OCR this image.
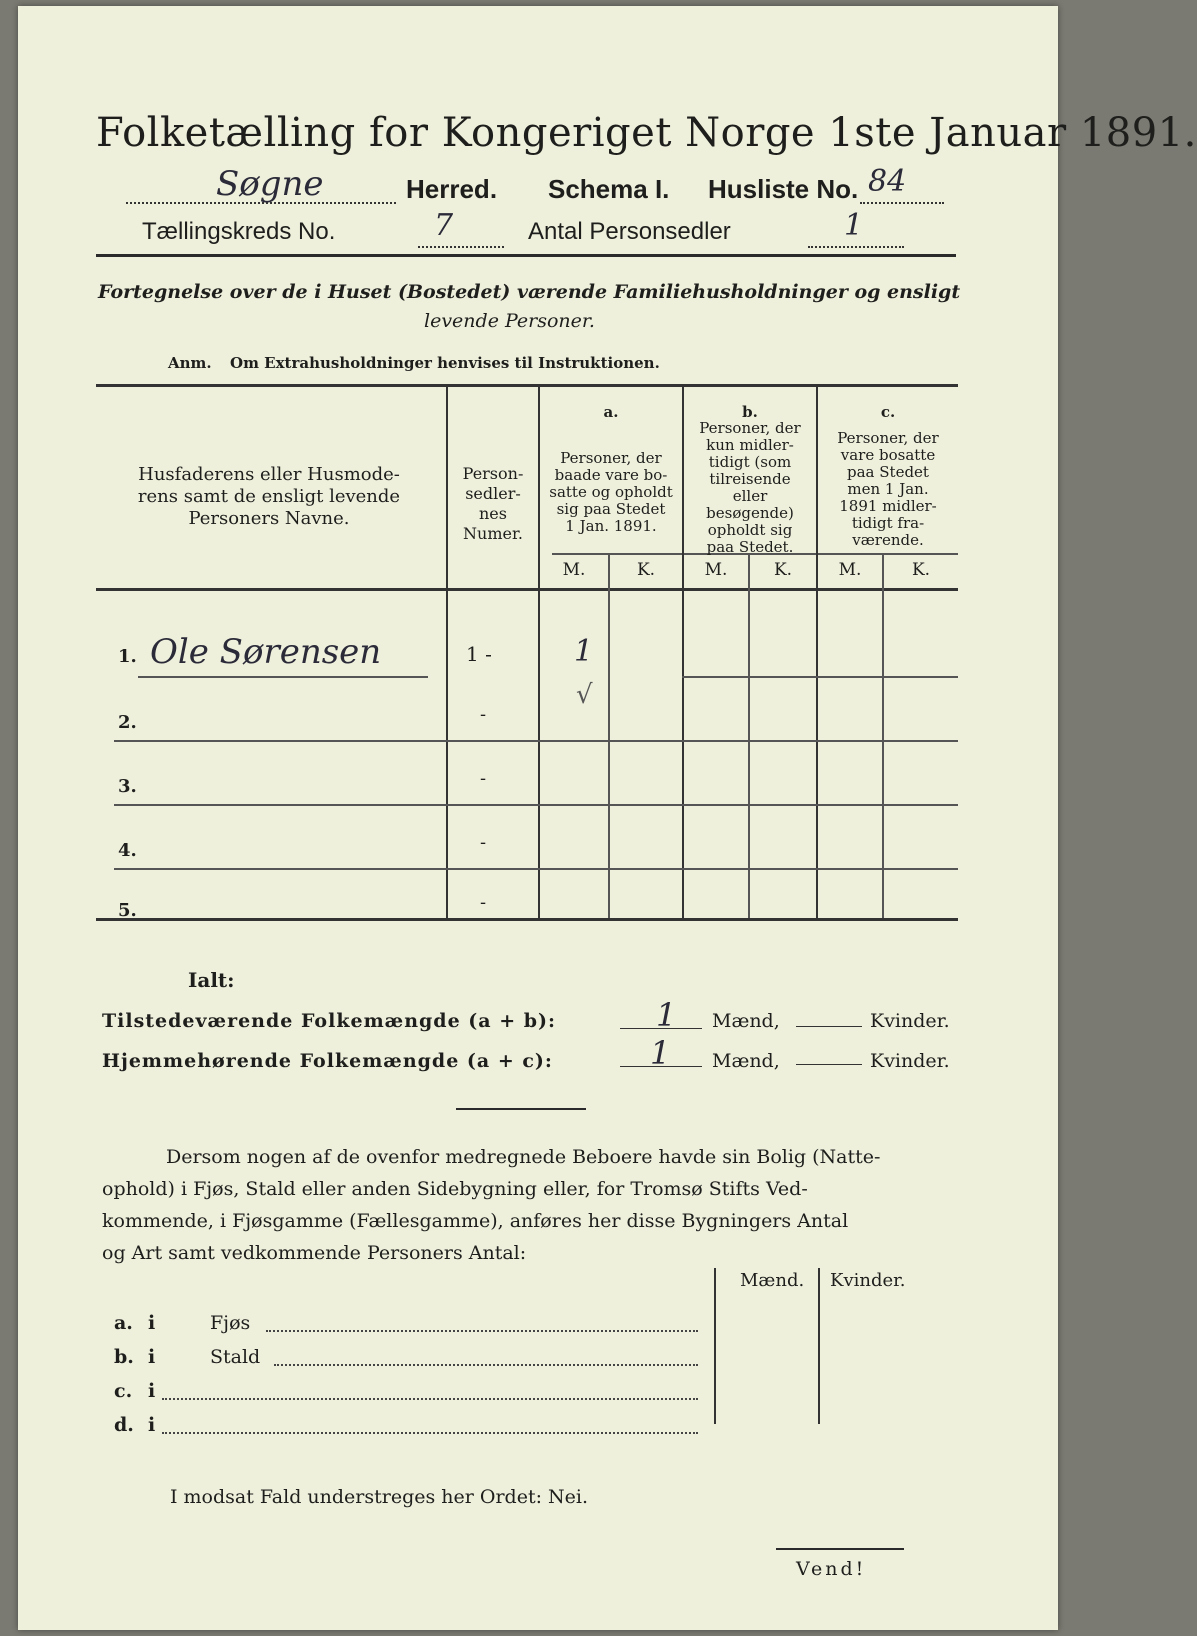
Folketælling for Kongeriget Norge 1ste Januar 1891.
Søgne	Herred. Schema I. Husliste No. 84
Tællingskreds No.	7	Antal Personsedler	1
Fortegnelse over de i Huset (Bostedet) værende Familiehusholdninger og ensligt
levende Personer.
Anm. Om Extrahusholdninger henvises til Instruktionen.
Husfaderens eller Husmode-
rens samt de ensligt levende
Personers Navne.
Person-
sedler-
nes
Numer.
a.
Personer, der
baade vare bo-
satte og opholdt
sig paa Stedet
1 Jan. 1891.
b.
Personer, der
kun midler-
tidigt (som
tilreisende
eller
besøgende)
opholdt sig
paa Stedet.
c.
Personer, der
vare bosatte
paa Stedet
men 1 Jan.
1891 midler-
tidigt fra-
værende.
M.	K.	M.	K.	M.	K.
1. Ole Sørensen	1 -	1
√
2.	-
3.	-
4.	-
5.	-
Ialt:
Tilstedeværende Folkemængde (a + b):	1 Mænd,	Kvinder.
Hjemmehørende Folkemængde (a + c):	1 Mænd,	Kvinder.
Dersom nogen af de ovenfor medregnede Beboere havde sin Bolig (Natte-
ophold) i Fjøs, Stald eller anden Sidebygning eller, for Tromsø Stifts Ved-
kommende, i Fjøsgamme (Fællesgamme), anføres her disse Bygningers Antal
og Art samt vedkommende Personers Antal:
Mænd. Kvinder.
a. i	Fjøs
b. i	Stald
c. i
d. i
I modsat Fald understreges her Ordet: Nei.
Vend!
